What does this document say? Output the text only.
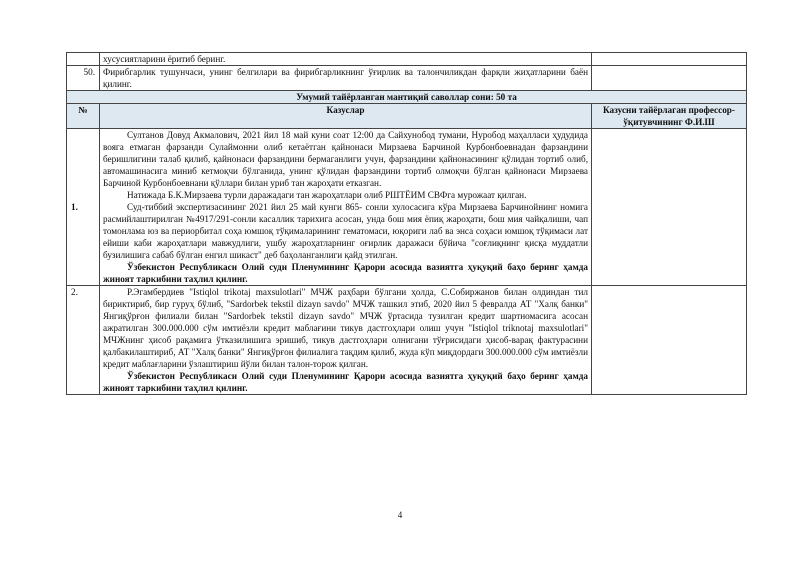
	хусусиятларини ёритиб беринг.	
50.	Фирибгарлик тушунчаси, унинг белгилари ва фирибгарликнинг ўғирлик ва талончиликдан фарқли жиҳатларини баён қилинг.	
Умумий тайёрланган мантиқий саволлар сони: 50 та		
№	Казуслар	Казусни тайёрлаган профессор-ўқитувчининг Ф.И.Ш
1.	Султанов Довуд Акмалович, 2021 йил 18 май куни соат 12:00 да Сайхунобод тумани, Нуробод маҳалласи ҳудудида вояга етмаган фарзанди Сулаймонни олиб кетаётган қайнонаси Мирзаева Барчиной Курбонбоевнадан фарзандини беришлигини талаб қилиб, қайнонаси фарзандини бермаганлиги учун, фарзандини қайнонасининг қўлидан тортиб олиб, автомашинасига миниб кетмоқчи бўлганида, унинг қўлидан фарзандини тортиб олмоқчи бўлган қайнонаси Мирзаева Барчиной Курбонбоевнани қўллари билан уриб тан жароҳати етказган.

Натижада Б.К.Мирзаева турли даражадаги тан жароҳатлари олиб РШТЁИМ СВФга мурожаат қилган.

Суд-тиббий экспертизасининг 2021 йил 25 май кунги 865- сонли хулосасига кўра Мирзаева Барчинойнинг номига расмийлаштирилган №4917/291-сонли касаллик тарихига асосан, унда бош мия ёпиқ жароҳати, бош мия чайқалиши, чап томонлама юз ва периорбитал соҳа юмшоқ тўқималарининг гематомаси, юқориги лаб ва энса соҳаси юмшоқ тўқимаси лат ейиши каби жароҳатлари мавжудлиги, ушбу жароҳатларнинг оғирлик даражаси бўйича "соғлиқнинг қисқа муддатли бузилишига сабаб бўлган енгил шикаст" деб баҳоланганлиги қайд этилган.

Ўзбекистон Республикаси Олий суди Пленумининг Қарори асосида вазиятга ҳуқуқий баҳо беринг ҳамда жиноят таркибини таҳлил қилинг.	

2.	Р.Эгамбердиев "Istiqlol trikotaj maxsulotlari" МЧЖ раҳбари бўлгани ҳолда, С.Собиржанов билан олдиндан тил бириктириб, бир гуруҳ бўлиб, "Sardorbek tekstil dizayn savdo" МЧЖ ташкил этиб, 2020 йил 5 февралда АТ "Халқ банки" Янгиқўрғон филиали билан "Sardorbek tekstil dizayn savdo" МЧЖ ўртасида тузилган кредит шартномасига асосан ажратилган 300.000.000 сўм имтиёзли кредит маблағини тикув дастгоҳлари олиш учун "Istiqlol triknotaj maxsulotlari" МЧЖнинг ҳисоб рақамига ўтказилишига эришиб, тикув дастгоҳлари олнигани тўғрисидаги ҳисоб-варақ фактурасини қалбакилаштириб, АТ "Халқ банки" Янгиқўрғон филиалига тақдим қилиб, жуда кўп миқдордаги 300.000.000 сўм имтиёзли кредит маблағларини ўзлаштириш йўли билан талон-торож қилган.

Ўзбекистон Республикаси Олий суди Пленумининг Қарори асосида вазиятга ҳуқуқий баҳо беринг ҳамда жиноят таркибини таҳлил қилинг.	

4
